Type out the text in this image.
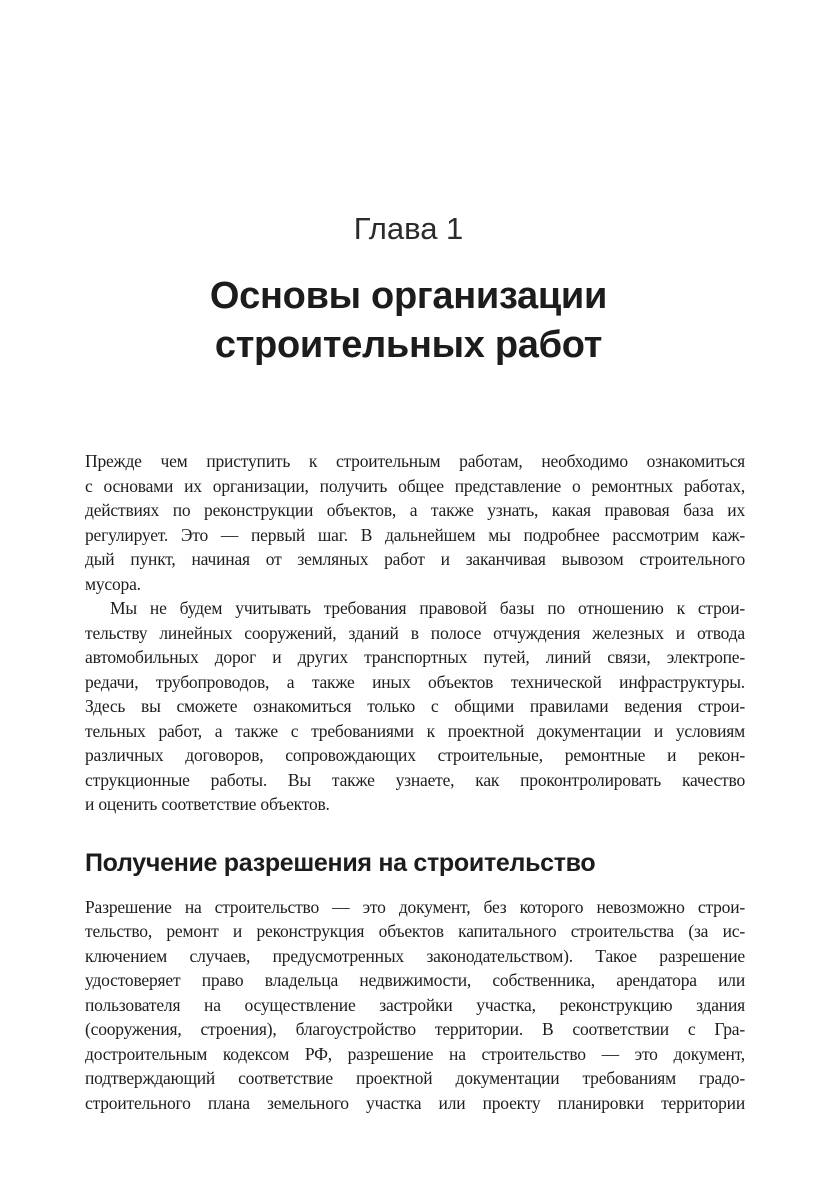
Глава 1
Основы организации строительных работ
Прежде чем приступить к строительным работам, необходимо ознакомиться
с основами их организации, получить общее представление о ремонтных работах,
действиях по реконструкции объектов, а также узнать, какая правовая база их
регулирует. Это — первый шаг. В дальнейшем мы подробнее рассмотрим каж-
дый пункт, начиная от земляных работ и заканчивая вывозом строительного
мусора.
Мы не будем учитывать требования правовой базы по отношению к строи-
тельству линейных сооружений, зданий в полосе отчуждения железных и отвода
автомобильных дорог и других транспортных путей, линий связи, электропе-
редачи, трубопроводов, а также иных объектов технической инфраструктуры.
Здесь вы сможете ознакомиться только с общими правилами ведения строи-
тельных работ, а также с требованиями к проектной документации и условиям
различных договоров, сопровождающих строительные, ремонтные и рекон-
струкционные работы. Вы также узнаете, как проконтролировать качество
и оценить соответствие объектов.
Получение разрешения на строительство
Разрешение на строительство — это документ, без которого невозможно строи-
тельство, ремонт и реконструкция объектов капитального строительства (за ис-
ключением случаев, предусмотренных законодательством). Такое разрешение
удостоверяет право владельца недвижимости, собственника, арендатора или
пользователя на осуществление застройки участка, реконструкцию здания
(сооружения, строения), благоустройство территории. В соответствии с Гра-
достроительным кодексом РФ, разрешение на строительство — это документ,
подтверждающий соответствие проектной документации требованиям градо-
строительного плана земельного участка или проекту планировки территории
